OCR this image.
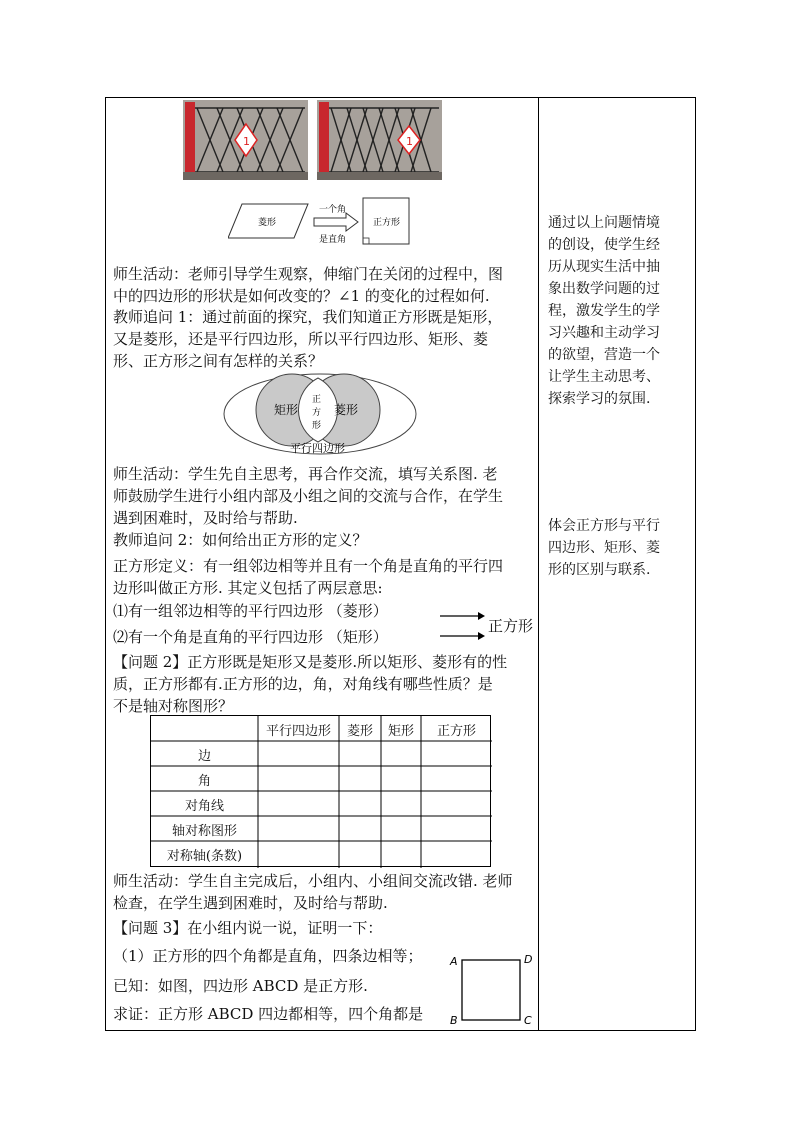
1	1
菱形
一个角
是直角
正方形
师生活动：老师引导学生观察，伸缩门在关闭的过程中，图
中的四边形的形状是如何改变的？∠1 的变化的过程如何.
教师追问 1：通过前面的探究，我们知道正方形既是矩形，
又是菱形，还是平行四边形，所以平行四边形、矩形、菱
形、正方形之间有怎样的关系？
矩形	菱形
正
方
形
平行四边形
师生活动：学生先自主思考，再合作交流，填写关系图. 老
师鼓励学生进行小组内部及小组之间的交流与合作，在学生
遇到困难时，及时给与帮助.
教师追问 2：如何给出正方形的定义？
正方形定义：有一组邻边相等并且有一个角是直角的平行四
边形叫做正方形. 其定义包括了两层意思:
⑴有一组邻边相等的平行四边形 （菱形）
⑵有一个角是直角的平行四边形 （矩形）
正方形
【问题 2】正方形既是矩形又是菱形.所以矩形、菱形有的性
质，正方形都有.正方形的边，角，对角线有哪些性质？是
不是轴对称图形？
平行四边形	菱形	矩形	正方形
边
角
对角线
轴对称图形
对称轴(条数)
师生活动：学生自主完成后，小组内、小组间交流改错. 老师
检查，在学生遇到困难时，及时给与帮助.
【问题 3】在小组内说一说，证明一下：
（1）正方形的四个角都是直角，四条边相等；
已知：如图，四边形 ABCD 是正方形.
求证：正方形 ABCD 四边都相等，四个角都是
A	D
B	C
通过以上问题情境
的创设，使学生经
历从现实生活中抽
象出数学问题的过
程，激发学生的学
习兴趣和主动学习
的欲望，营造一个
让学生主动思考、
探索学习的氛围.
体会正方形与平行
四边形、矩形、菱
形的区别与联系.
